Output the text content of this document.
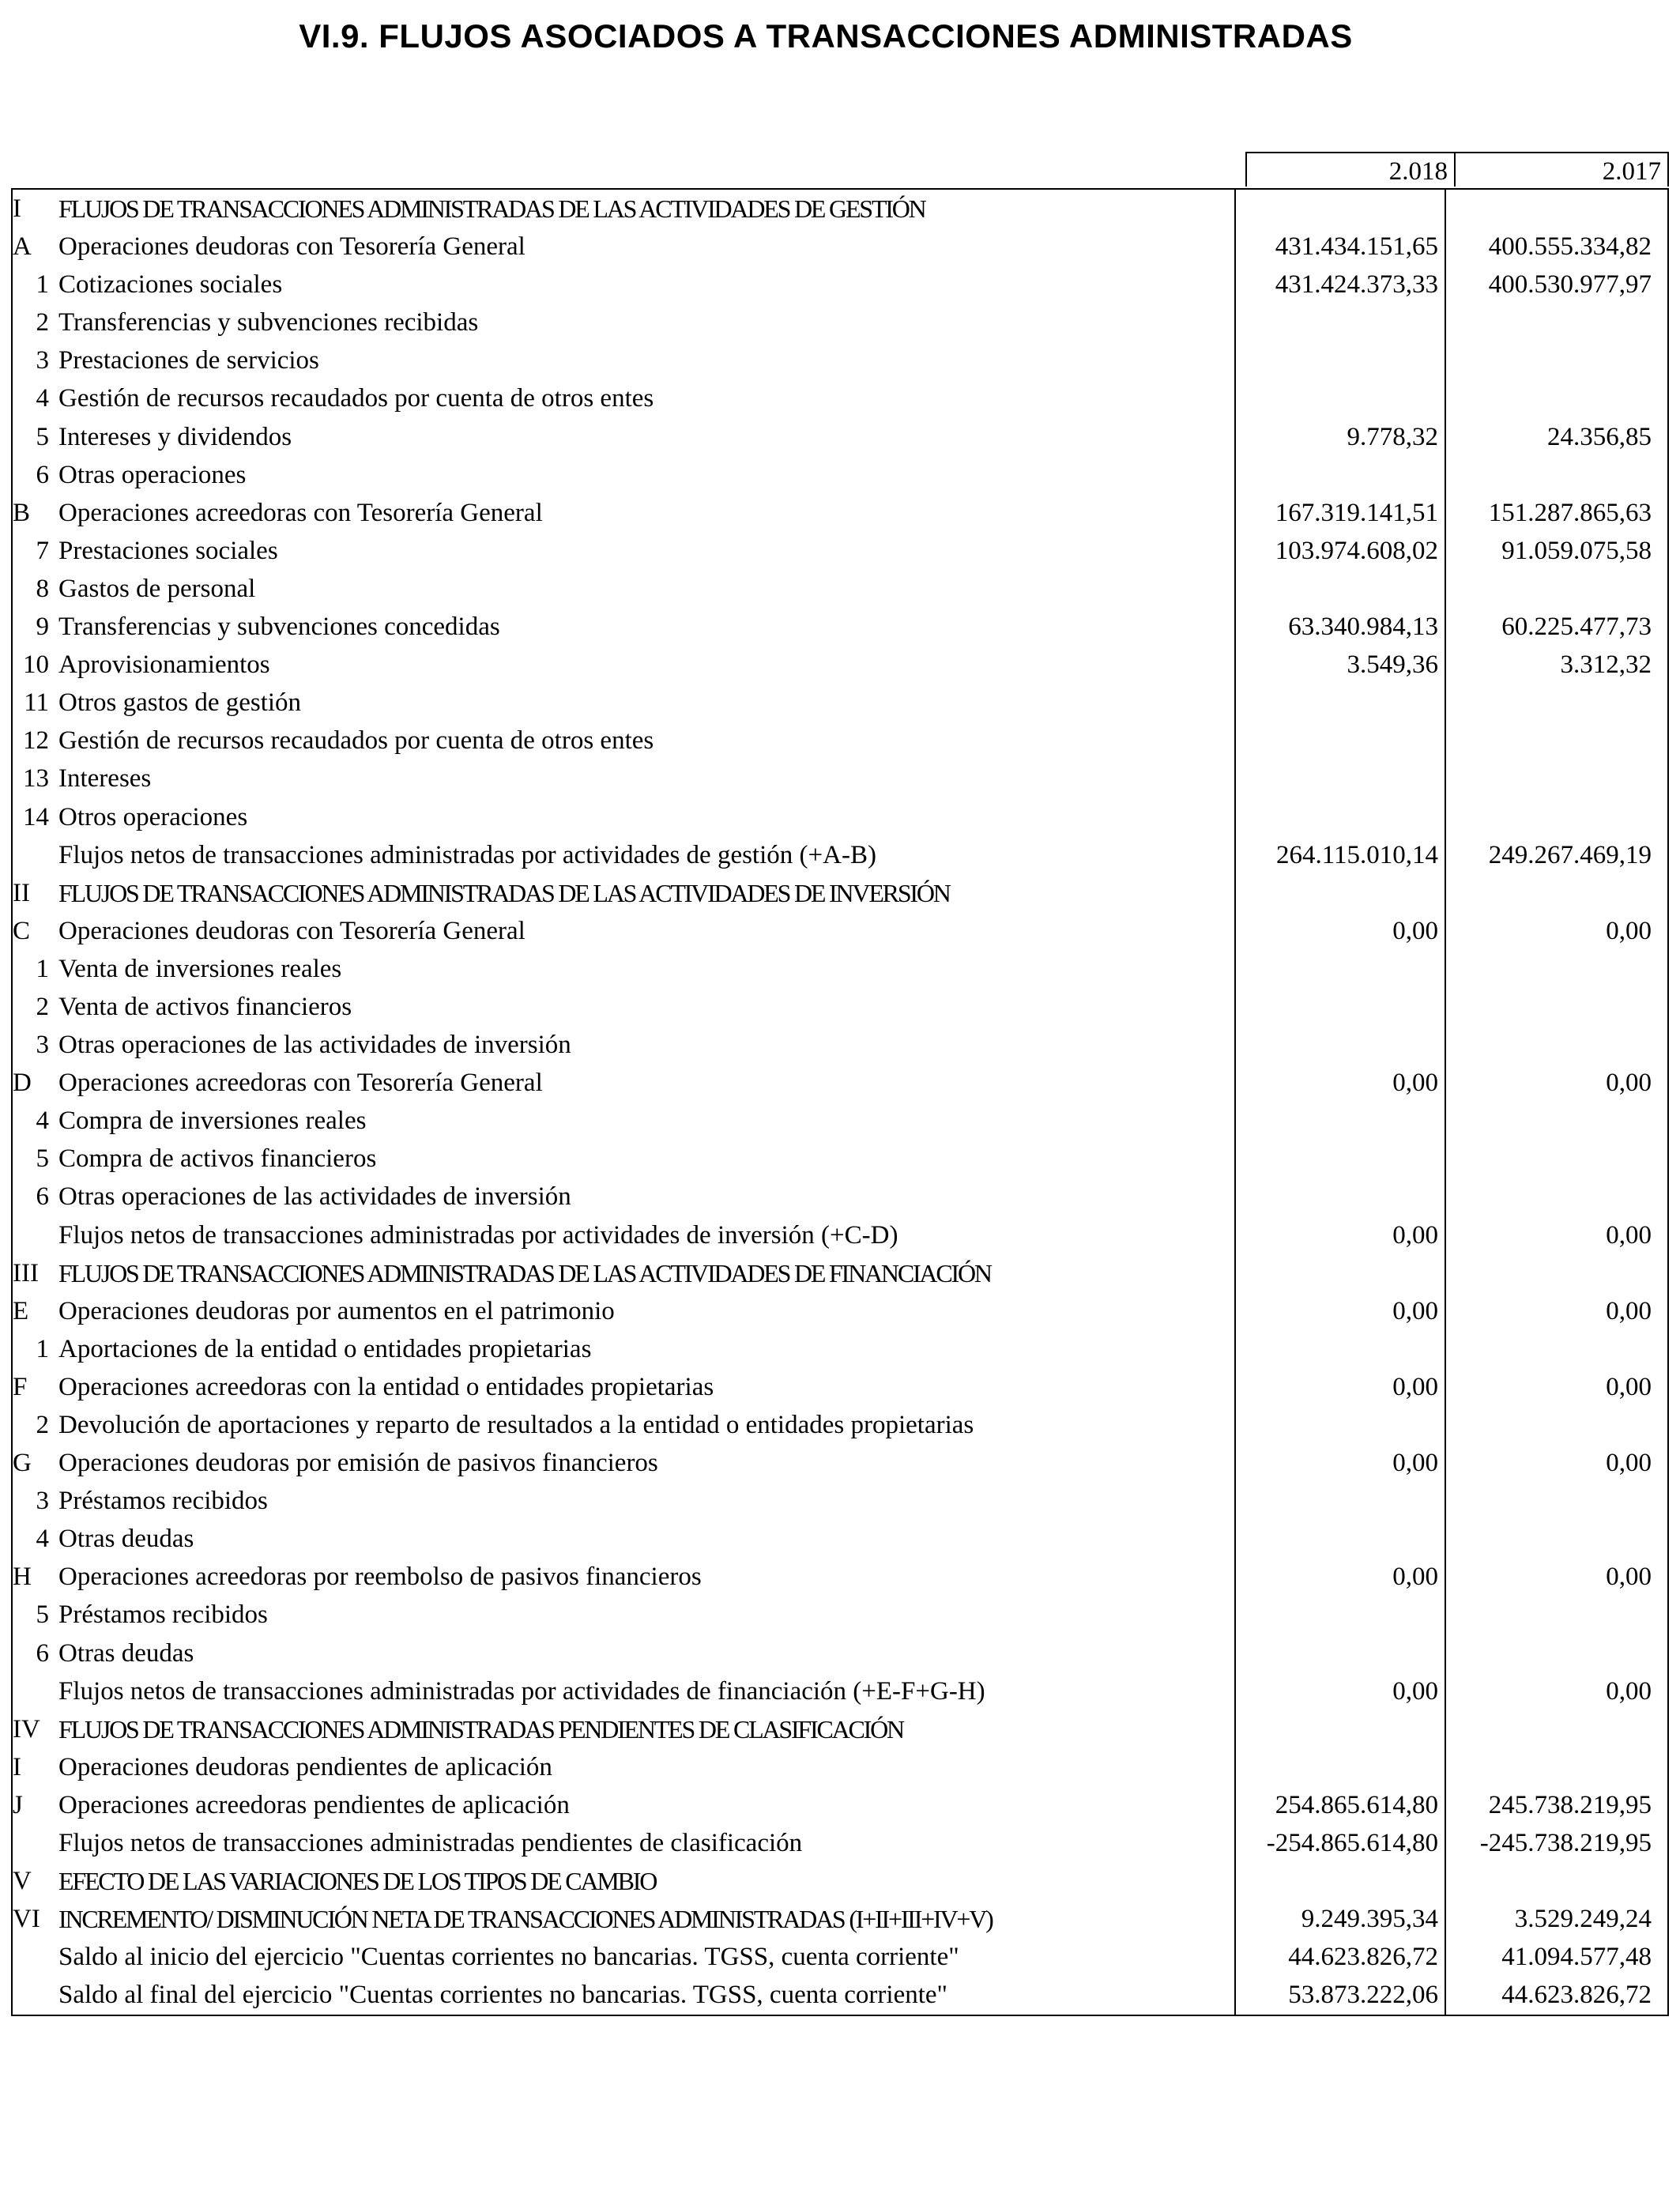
VI.9. FLUJOS ASOCIADOS A TRANSACCIONES ADMINISTRADAS
2.018	2.017
I	FLUJOS DE TRANSACCIONES ADMINISTRADAS DE LAS ACTIVIDADES DE GESTIÓN
A	Operaciones deudoras con Tesorería General	431.434.151,65	400.555.334,82
1 Cotizaciones sociales	431.424.373,33	400.530.977,97
2 Transferencias y subvenciones recibidas
3 Prestaciones de servicios
4 Gestión de recursos recaudados por cuenta de otros entes
5 Intereses y dividendos	9.778,32	24.356,85
6 Otras operaciones
B	Operaciones acreedoras con Tesorería General	167.319.141,51	151.287.865,63
7 Prestaciones sociales	103.974.608,02	91.059.075,58
8 Gastos de personal
9 Transferencias y subvenciones concedidas	63.340.984,13	60.225.477,73
10 Aprovisionamientos	3.549,36	3.312,32
11 Otros gastos de gestión
12 Gestión de recursos recaudados por cuenta de otros entes
13 Intereses
14 Otros operaciones
Flujos netos de transacciones administradas por actividades de gestión (+A-B)	264.115.010,14	249.267.469,19
II	FLUJOS DE TRANSACCIONES ADMINISTRADAS DE LAS ACTIVIDADES DE INVERSIÓN
C	Operaciones deudoras con Tesorería General	0,00	0,00
1 Venta de inversiones reales
2 Venta de activos financieros
3 Otras operaciones de las actividades de inversión
D	Operaciones acreedoras con Tesorería General	0,00	0,00
4 Compra de inversiones reales
5 Compra de activos financieros
6 Otras operaciones de las actividades de inversión
Flujos netos de transacciones administradas por actividades de inversión (+C-D)	0,00	0,00
III FLUJOS DE TRANSACCIONES ADMINISTRADAS DE LAS ACTIVIDADES DE FINANCIACIÓN
E	Operaciones deudoras por aumentos en el patrimonio	0,00	0,00
1 Aportaciones de la entidad o entidades propietarias
F	Operaciones acreedoras con la entidad o entidades propietarias	0,00	0,00
2 Devolución de aportaciones y reparto de resultados a la entidad o entidades propietarias
G	Operaciones deudoras por emisión de pasivos financieros	0,00	0,00
3 Préstamos recibidos
4 Otras deudas
H	Operaciones acreedoras por reembolso de pasivos financieros	0,00	0,00
5 Préstamos recibidos
6 Otras deudas
Flujos netos de transacciones administradas por actividades de financiación (+E-F+G-H)	0,00	0,00
IV FLUJOS DE TRANSACCIONES ADMINISTRADAS PENDIENTES DE CLASIFICACIÓN
I	Operaciones deudoras pendientes de aplicación
J	Operaciones acreedoras pendientes de aplicación	254.865.614,80	245.738.219,95
Flujos netos de transacciones administradas pendientes de clasificación	-254.865.614,80	-245.738.219,95
V	EFECTO DE LAS VARIACIONES DE LOS TIPOS DE CAMBIO
VI INCREMENTO/ DISMINUCIÓN NETA DE TRANSACCIONES ADMINISTRADAS (I+II+III+IV+V)	9.249.395,34	3.529.249,24
Saldo al inicio del ejercicio "Cuentas corrientes no bancarias. TGSS, cuenta corriente"	44.623.826,72	41.094.577,48
Saldo al final del ejercicio "Cuentas corrientes no bancarias. TGSS, cuenta corriente"	53.873.222,06	44.623.826,72
